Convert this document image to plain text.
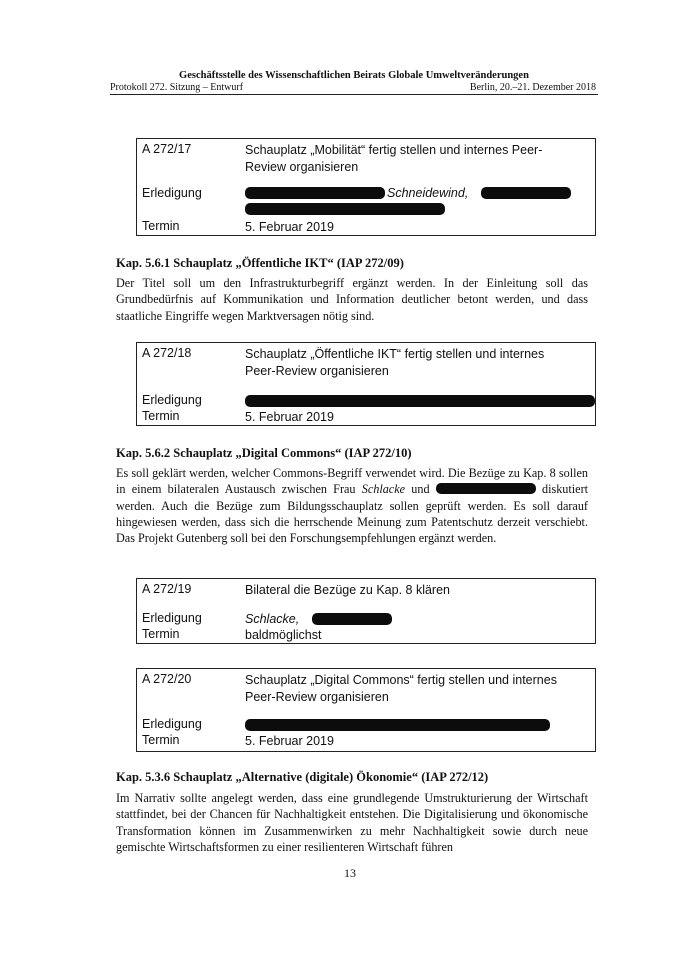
Geschäftsstelle des Wissenschaftlichen Beirats Globale Umweltveränderungen
Protokoll 272. Sitzung – Entwurf	Berlin, 20.–21. Dezember 2018
A 272/17	Schauplatz „Mobilität“ fertig stellen und internes Peer-Review organisieren
Erledigung	Schneidewind,
Termin	5. Februar 2019
Kap. 5.6.1 Schauplatz „Öffentliche IKT“ (IAP 272/09)
Der Titel soll um den Infrastrukturbegriff ergänzt werden. In der Einleitung soll das Grundbedürfnis auf Kommunikation und Information deutlicher betont werden, und dass staatliche Eingriffe wegen Marktversagen nötig sind.
A 272/18	Schauplatz „Öffentliche IKT“ fertig stellen und internes Peer-Review organisieren
Erledigung
Termin	5. Februar 2019
Kap. 5.6.2 Schauplatz „Digital Commons“ (IAP 272/10)
Es soll geklärt werden, welcher Commons-Begriff verwendet wird. Die Bezüge zu Kap. 8 sollen in einem bilateralen Austausch zwischen Frau Schlacke und	diskutiert werden. Auch die Bezüge zum Bildungsschauplatz sollen geprüft werden. Es soll darauf hingewiesen werden, dass sich die herrschende Meinung zum Patentschutz derzeit verschiebt. Das Projekt Gutenberg soll bei den Forschungsempfehlungen ergänzt werden.
A 272/19	Bilateral die Bezüge zu Kap. 8 klären
Erledigung	Schlacke,
Termin	baldmöglichst
A 272/20	Schauplatz „Digital Commons“ fertig stellen und internes Peer-Review organisieren
Erledigung
Termin	5. Februar 2019
Kap. 5.3.6 Schauplatz „Alternative (digitale) Ökonomie“ (IAP 272/12)
Im Narrativ sollte angelegt werden, dass eine grundlegende Umstrukturierung der Wirtschaft stattfindet, bei der Chancen für Nachhaltigkeit entstehen. Die Digitalisierung und ökonomische Transformation können im Zusammenwirken zu mehr Nachhaltigkeit sowie durch neue gemischte Wirtschaftsformen zu einer resilienteren Wirtschaft führen
13
